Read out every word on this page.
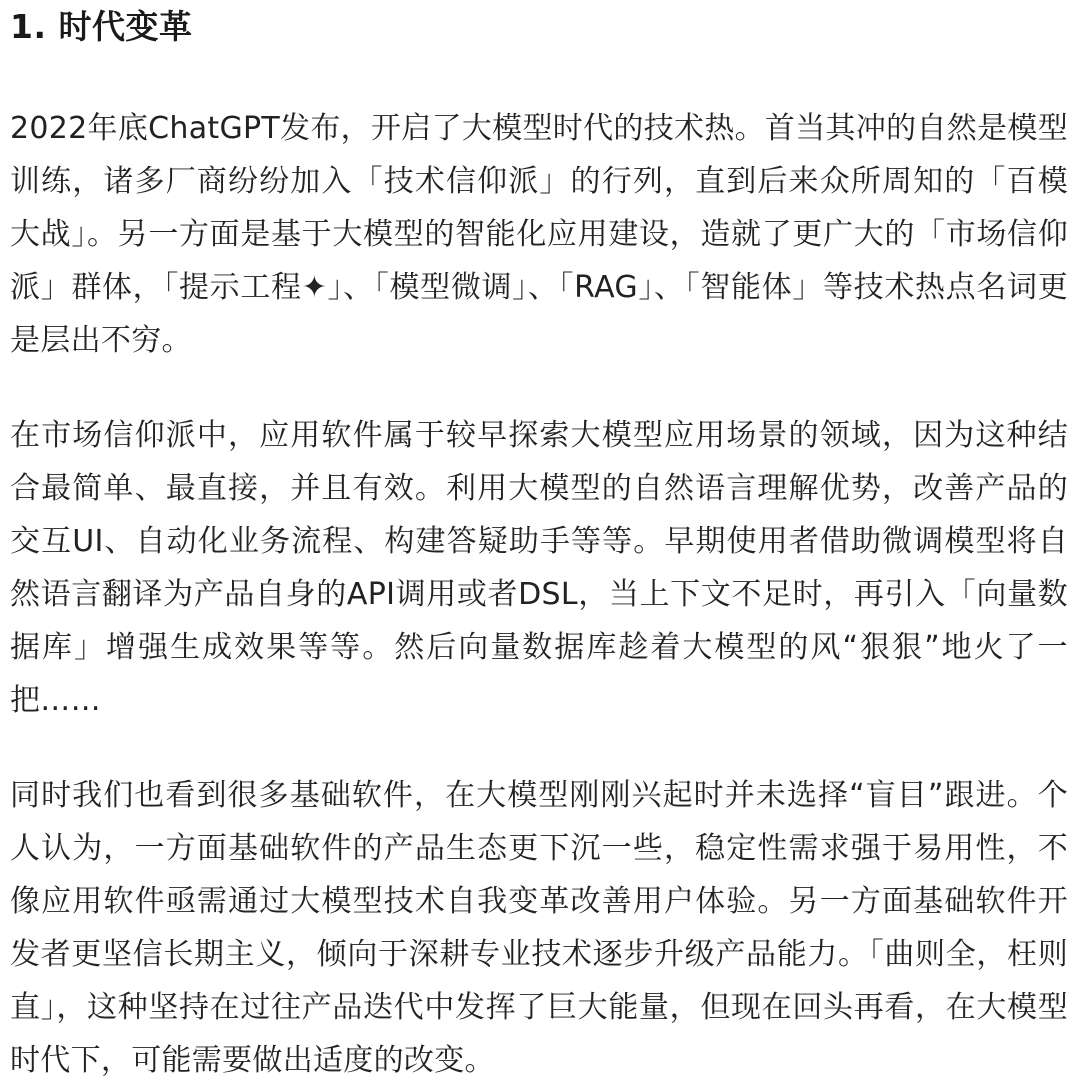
1. 时代变革

2022年底ChatGPT发布，开启了大模型时代的技术热。首当其冲的自然是模型训练，诸多厂商纷纷加入「技术信仰派」的行列，直到后来众所周知的「百模大战」。另一方面是基于大模型的智能化应用建设，造就了更广大的「市场信仰派」群体，「提示工程✦」、「模型微调」、「RAG」、「智能体」等技术热点名词更是层出不穷。

在市场信仰派中，应用软件属于较早探索大模型应用场景的领域，因为这种结合最简单、最直接，并且有效。利用大模型的自然语言理解优势，改善产品的交互UI、自动化业务流程、构建答疑助手等等。早期使用者借助微调模型将自然语言翻译为产品自身的API调用或者DSL，当上下文不足时，再引入「向量数据库」增强生成效果等等。然后向量数据库趁着大模型的风“狠狠”地火了一把……

同时我们也看到很多基础软件，在大模型刚刚兴起时并未选择“盲目”跟进。个人认为，一方面基础软件的产品生态更下沉一些，稳定性需求强于易用性，不像应用软件亟需通过大模型技术自我变革改善用户体验。另一方面基础软件开发者更坚信长期主义，倾向于深耕专业技术逐步升级产品能力。「曲则全，枉则直」，这种坚持在过往产品迭代中发挥了巨大能量，但现在回头再看，在大模型时代下，可能需要做出适度的改变。
